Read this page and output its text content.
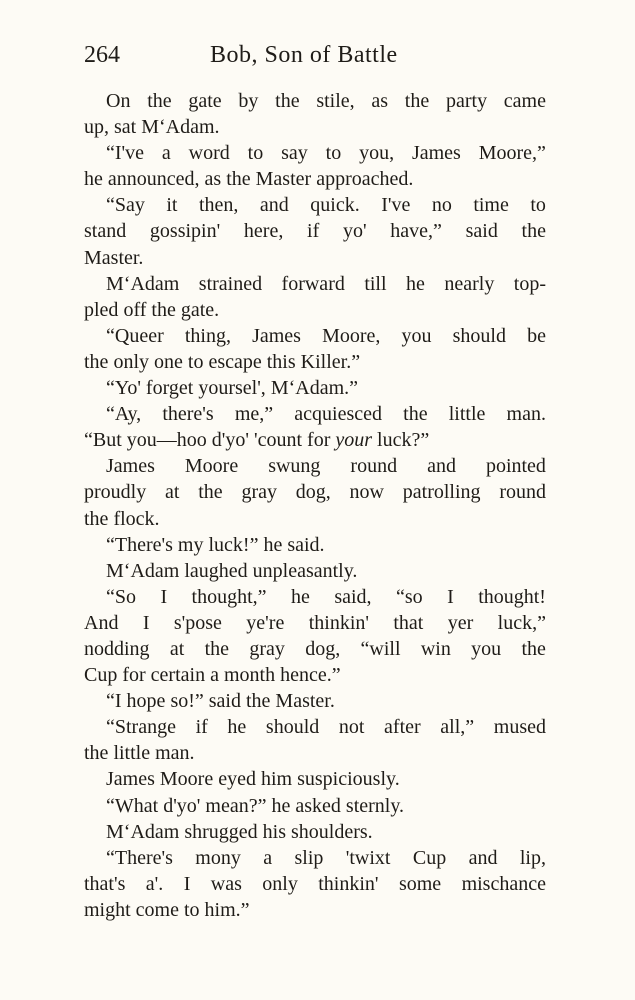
264	Bob, Son of Battle
On the gate by the stile, as the party came
up,
sat
M‘Adam.
“I've a word to say to you, James Moore,”
he
announced,
as
the
Master
approached.
“Say it then, and quick. I've no time to
stand gossipin' here, if yo' have,” said the
Master.
M‘Adam strained forward till he nearly top-
pled
off
the
gate.
“Queer thing, James Moore, you should be
the
only
one
to
escape
this
Killer.”
“Yo'
forget
yoursel',
M‘Adam.”
“Ay, there's me,” acquiesced the little man.
“But
you—hoo
d'yo'
'count
for
your
luck?”
James Moore swung round and pointed
proudly at the gray dog, now patrolling round
the
flock.
“There's
my
luck!”
he
said.
M‘Adam
laughed
unpleasantly.
“So I thought,” he said, “so I thought!
And I s'pose ye're thinkin' that yer luck,”
nodding at the gray dog, “will win you the
Cup
for
certain
a
month
hence.”
“I
hope
so!”
said
the
Master.
“Strange if he should not after all,” mused
the
little
man.
James
Moore
eyed
him
suspiciously.
“What
d'yo'
mean?”
he
asked
sternly.
M‘Adam
shrugged
his
shoulders.
“There's mony a slip 'twixt Cup and lip,
that's a'. I was only thinkin' some mischance
might
come
to
him.”
